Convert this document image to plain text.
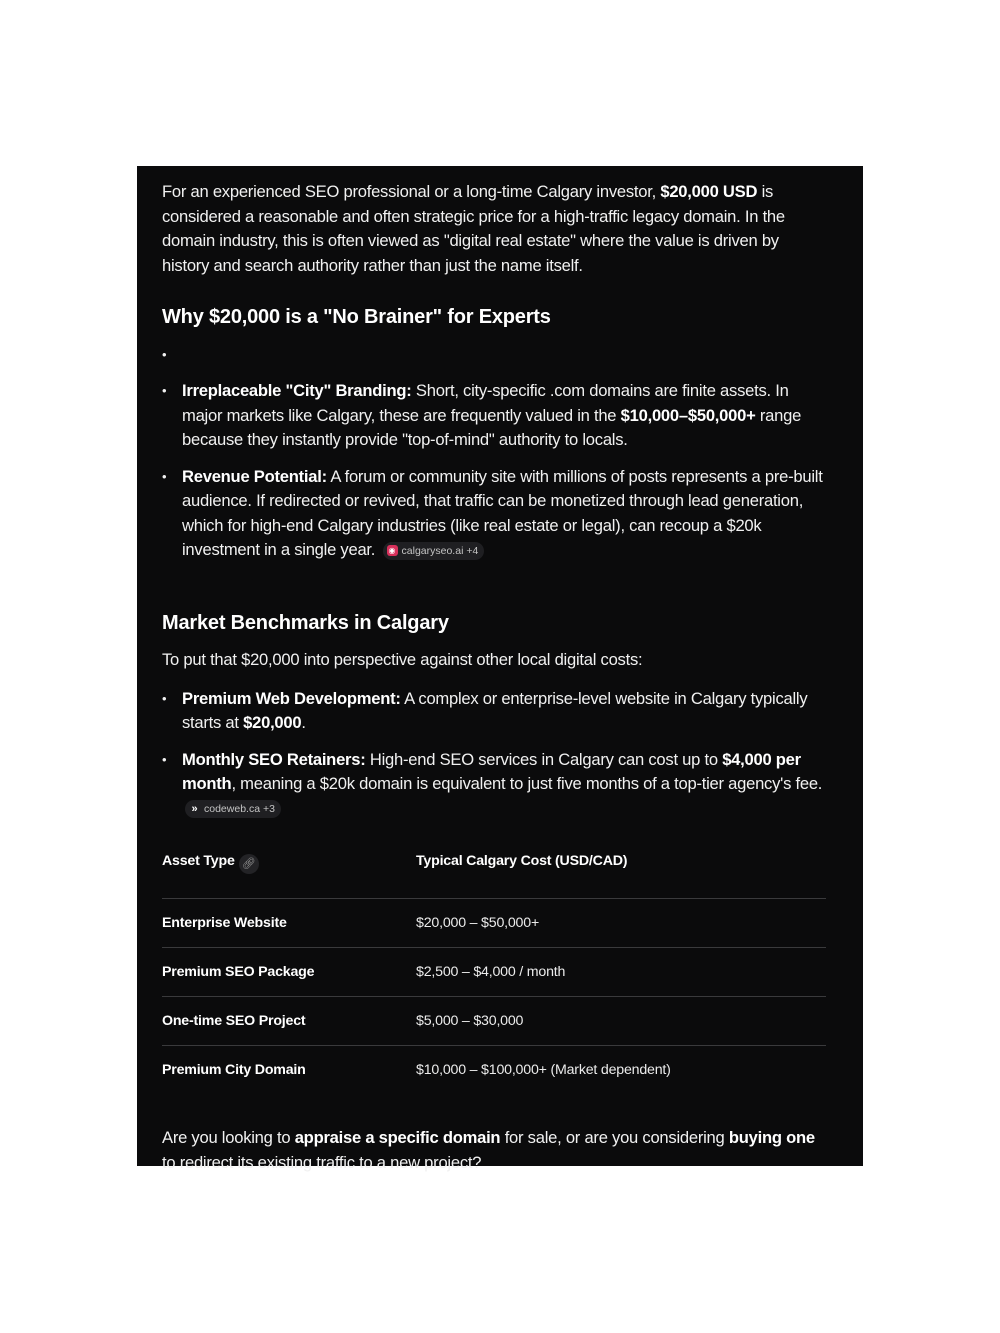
For an experienced SEO professional or a long-time Calgary investor, $20,000 USD is considered a reasonable and often strategic price for a high-traffic legacy domain. In the domain industry, this is often viewed as "digital real estate" where the value is driven by history and search authority rather than just the name itself.

Why $20,000 is a "No Brainer" for Experts
•
• Irreplaceable "City" Branding: Short, city-specific .com domains are finite assets. In major markets like Calgary, these are frequently valued in the $10,000–$50,000+ range because they instantly provide "top-of-mind" authority to locals.
• Revenue Potential: A forum or community site with millions of posts represents a pre-built audience. If redirected or revived, that traffic can be monetized through lead generation, which for high-end Calgary industries (like real estate or legal), can recoup a $20k investment in a single year. ◉ calgaryseo.ai +4
Market Benchmarks in Calgary

To put that $20,000 into perspective against other local digital costs:

• Premium Web Development: A complex or enterprise-level website in Calgary typically starts at $20,000.
• Monthly SEO Retainers: High-end SEO services in Calgary can cost up to $4,000 per month, meaning a $20k domain is equivalent to just five months of a top-tier agency's fee.
» codeweb.ca +3
Asset Type 🔗︎	Typical Calgary Cost (USD/CAD)
Enterprise Website	$20,000 – $50,000+
Premium SEO Package	$2,500 – $4,000 / month
One-time SEO Project	$5,000 – $30,000
Premium City Domain	$10,000 – $100,000+ (Market dependent)

Are you looking to appraise a specific domain for sale, or are you considering buying one to redirect its existing traffic to a new project?
